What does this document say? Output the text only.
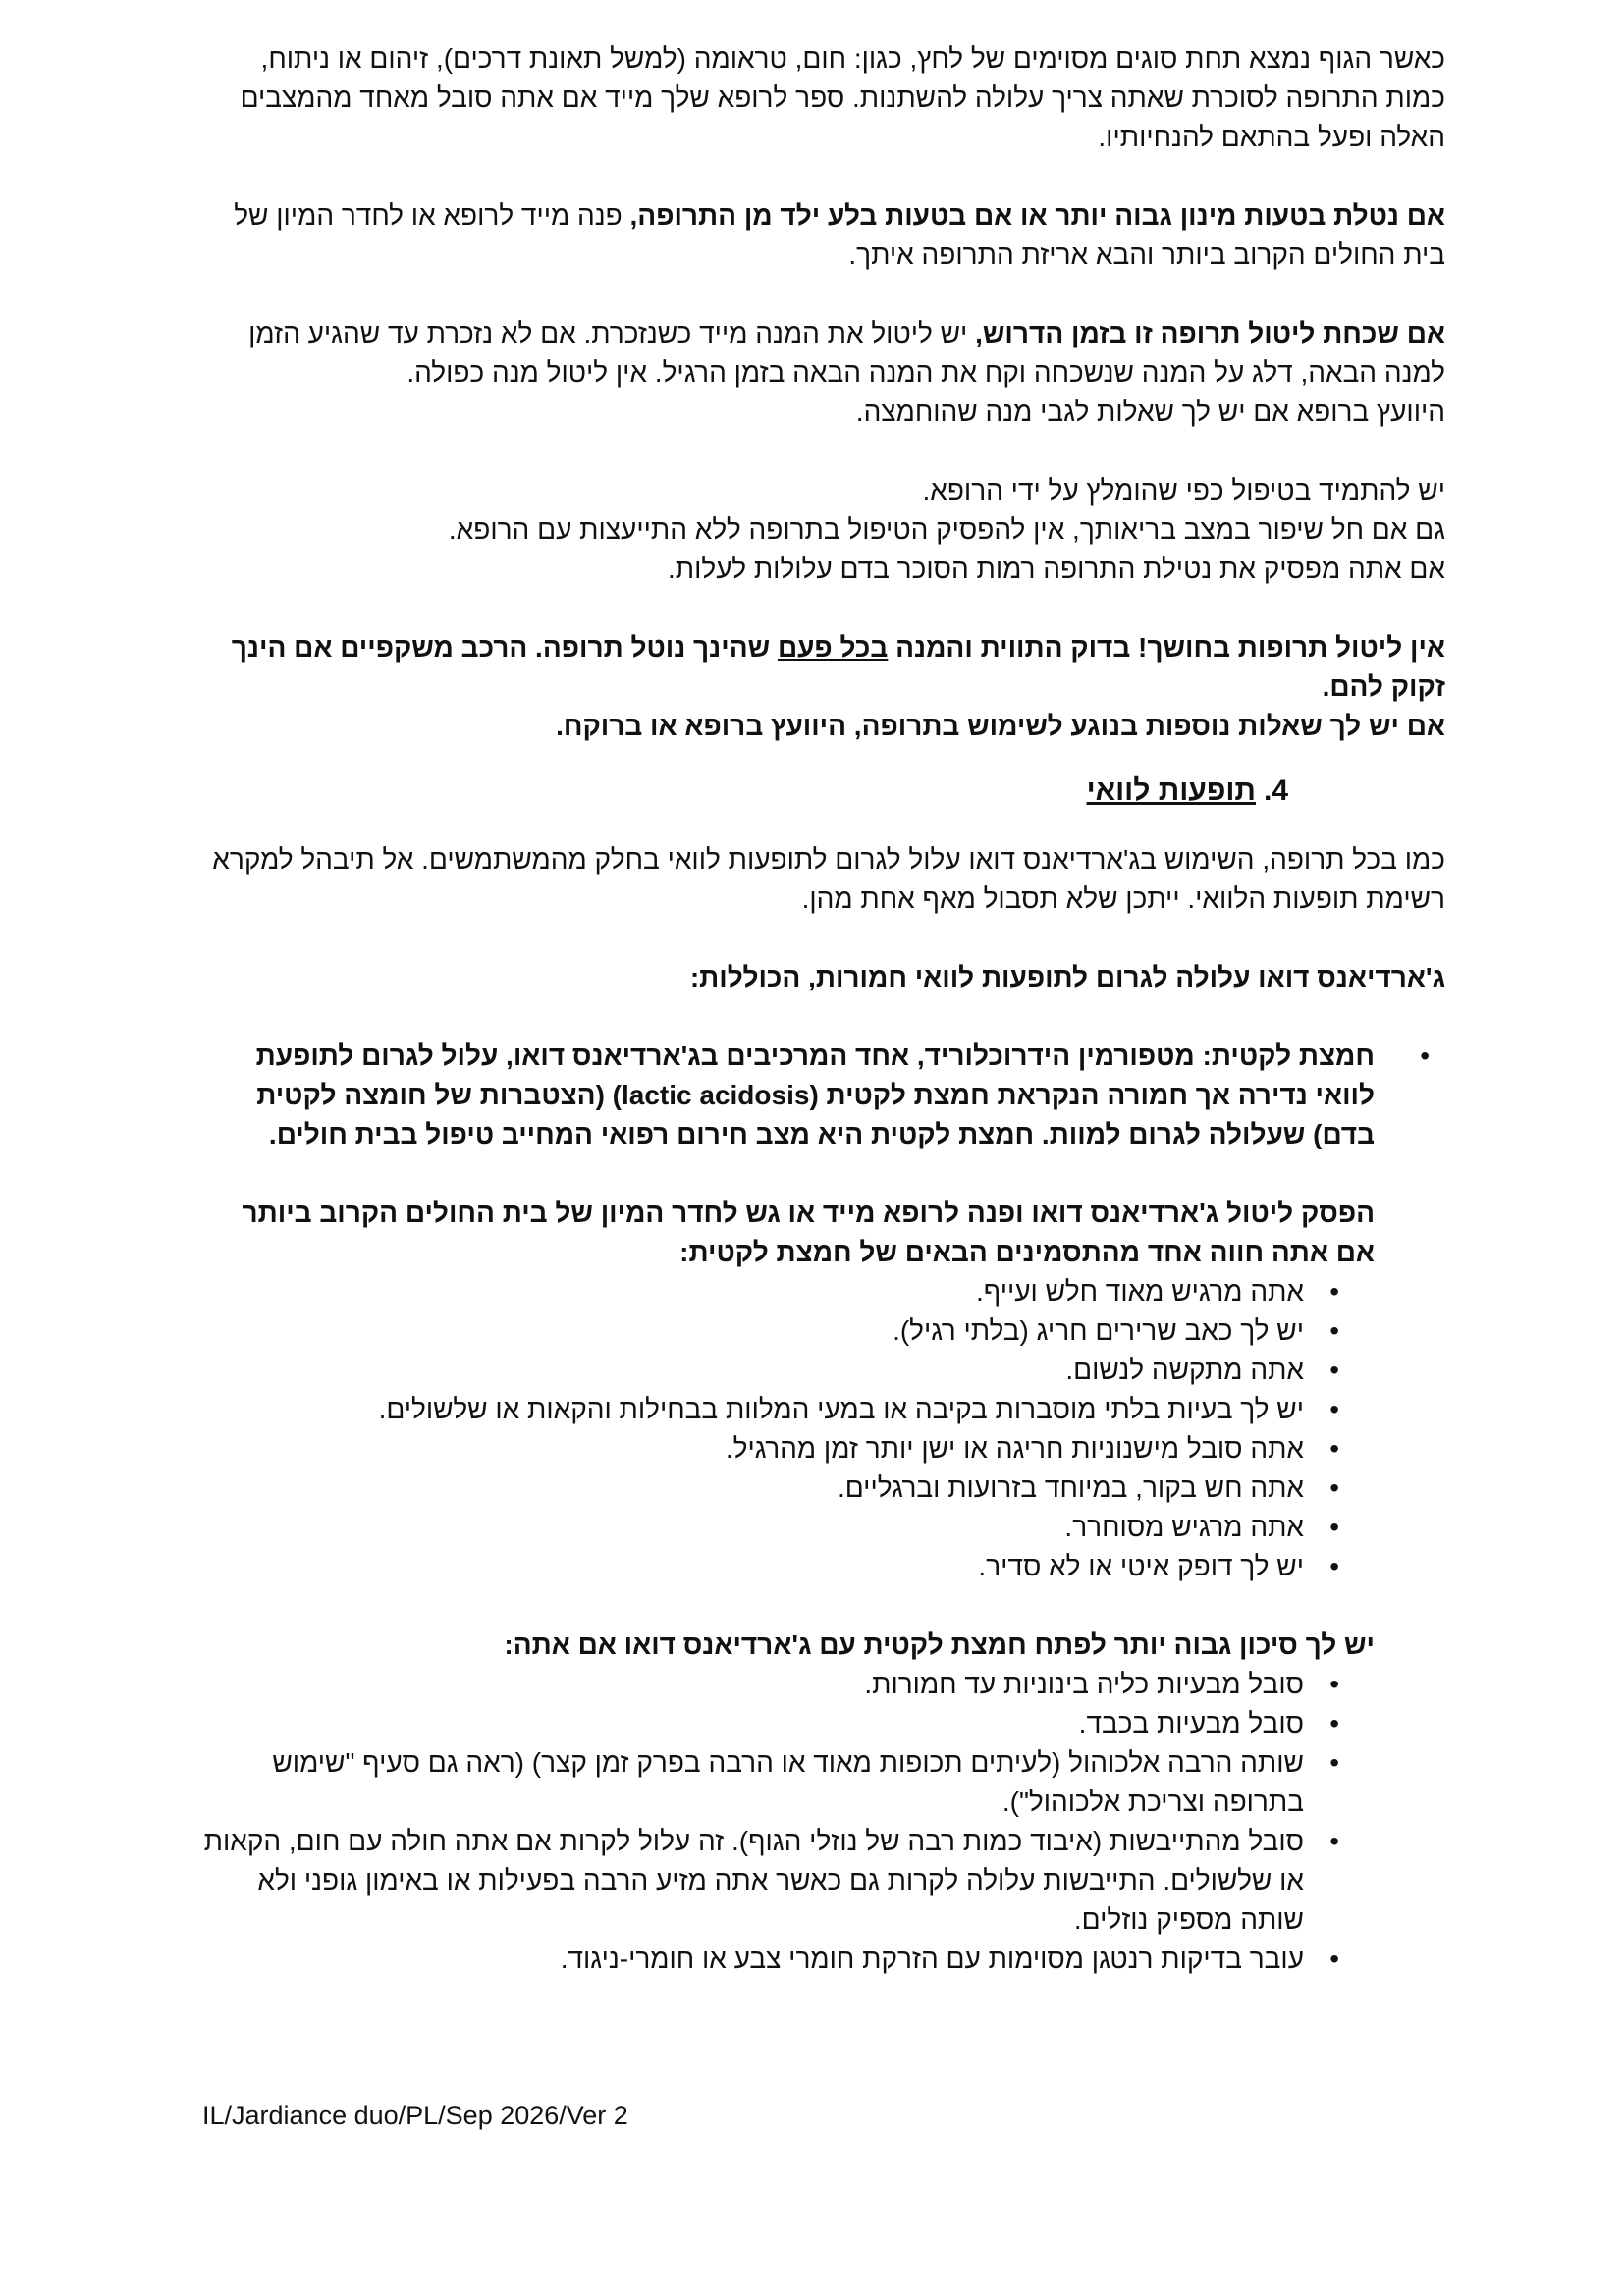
כאשר הגוף נמצא תחת סוגים מסוימים של לחץ, כגון: חום, טראומה (למשל תאונת דרכים), זיהום או ניתוח, כמות התרופה לסוכרת שאתה צריך עלולה להשתנות. ספר לרופא שלך מייד אם אתה סובל מאחד מהמצבים האלה ופעל בהתאם להנחיותיו.

אם נטלת בטעות מינון גבוה יותר או אם בטעות בלע ילד מן התרופה, פנה מייד לרופא או לחדר המיון של בית החולים הקרוב ביותר והבא אריזת התרופה איתך.

אם שכחת ליטול תרופה זו בזמן הדרוש, יש ליטול את המנה מייד כשנזכרת. אם לא נזכרת עד שהגיע הזמן למנה הבאה, דלג על המנה שנשכחה וקח את המנה הבאה בזמן הרגיל. אין ליטול מנה כפולה.

היוועץ ברופא אם יש לך שאלות לגבי מנה שהוחמצה.

יש להתמיד בטיפול כפי שהומלץ על ידי הרופא.

גם אם חל שיפור במצב בריאותך, אין להפסיק הטיפול בתרופה ללא התייעצות עם הרופא.

אם אתה מפסיק את נטילת התרופה רמות הסוכר בדם עלולות לעלות.

אין ליטול תרופות בחושך! בדוק התווית והמנה בכל פעם שהינך נוטל תרופה. הרכב משקפיים אם הינך זקוק להם.

אם יש לך שאלות נוספות בנוגע לשימוש בתרופה, היוועץ ברופא או ברוקח.

4.תופעות לוואי

כמו בכל תרופה, השימוש בג'ארדיאנס דואו עלול לגרום לתופעות לוואי בחלק מהמשתמשים. אל תיבהל למקרא רשימת תופעות הלוואי. ייתכן שלא תסבול מאף אחת מהן.

ג'ארדיאנס דואו עלולה לגרום לתופעות לוואי חמורות, הכוללות:

• חמצת לקטית: מטפורמין הידרוכלוריד, אחד המרכיבים בג'ארדיאנס דואו, עלול לגרום לתופעת לוואי נדירה אך חמורה הנקראת חמצת לקטית (lactic acidosis) (הצטברות של חומצה לקטית בדם) שעלולה לגרום למוות. חמצת לקטית היא מצב חירום רפואי המחייב טיפול בבית חולים.

הפסק ליטול ג'ארדיאנס דואו ופנה לרופא מייד או גש לחדר המיון של בית החולים הקרוב ביותר אם אתה חווה אחד מהתסמינים הבאים של חמצת לקטית:

• אתה מרגיש מאוד חלש ועייף.
• יש לך כאב שרירים חריג (בלתי רגיל).
• אתה מתקשה לנשום.
• יש לך בעיות בלתי מוסברות בקיבה או במעי המלוות בבחילות והקאות או שלשולים.
• אתה סובל מישנוניות חריגה או ישן יותר זמן מהרגיל.
• אתה חש בקור, במיוחד בזרועות וברגליים.
• אתה מרגיש מסוחרר.
• יש לך דופק איטי או לא סדיר.

יש לך סיכון גבוה יותר לפתח חמצת לקטית עם ג'ארדיאנס דואו אם אתה:

• סובל מבעיות כליה בינוניות עד חמורות.
• סובל מבעיות בכבד.
• שותה הרבה אלכוהול (לעיתים תכופות מאוד או הרבה בפרק זמן קצר) (ראה גם סעיף "שימוש בתרופה וצריכת אלכוהול").
• סובל מהתייבשות (איבוד כמות רבה של נוזלי הגוף). זה עלול לקרות אם אתה חולה עם חום, הקאות או שלשולים. התייבשות עלולה לקרות גם כאשר אתה מזיע הרבה בפעילות או באימון גופני ולא שותה מספיק נוזלים.
• עובר בדיקות רנטגן מסוימות עם הזרקת חומרי צבע או חומרי-ניגוד.
IL/Jardiance duo/PL/Sep 2026/Ver 2
